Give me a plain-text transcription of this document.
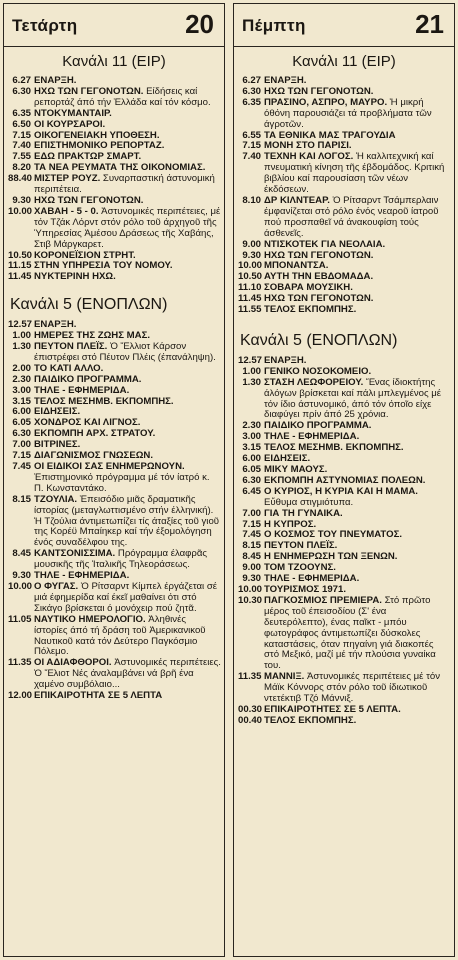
Τετάρτη	20
Κανάλι 11 (ΕΙΡ)
6.27 ΕΝΑΡΞΗ.
6.30 ΗΧΩ ΤΩΝ ΓΕΓΟΝΟΤΩΝ. Είδήσεις καί ρεπορτάζ άπό τήν Ἑλλάδα καί τόν κόσμο.
6.35 ΝΤΟΚΥΜΑΝΤΑΙΡ.
6.50 ΟΙ ΚΟΥΡΣΑΡΟΙ.
7.15 ΟΙΚΟΓΕΝΕΙΑΚΗ ΥΠΟΘΕΣΗ.
7.40 ΕΠΙΣΤΗΜΟΝΙΚΟ ΡΕΠΟΡΤΑΖ.
7.55 ΕΔΩ ΠΡΑΚΤΩΡ ΣΜΑΡΤ.
8.20 ΤΑ ΝΕΑ ΡΕΥΜΑΤΑ ΤΗΣ ΟΙΚΟΝΟΜΙΑΣ.
88.40 ΜΙΣΤΕΡ ΡΟΥΖ. Συναρπαστική άστυνομική περιπέτεια.
9.30 ΗΧΩ ΤΩΝ ΓΕΓΟΝΟΤΩΝ.
10.00 ΧΑΒΑΗ - 5 - 0. Ἀστυνομικές περιπέτειες, μέ τόν Τζάκ Λόρντ στόν ρόλο τοῦ άρχηγοῦ τῆς Ὑπηρεσίας Ἀμέσου Δράσεως τῆς Χαβάης, Στιβ Μάργκαρετ.
10.50 ΚΟΡΟΝΕΪΣΙΟΝ ΣΤΡΗΤ.
11.15 ΣΤΗΝ ΥΠΗΡΕΣΙΑ ΤΟΥ ΝΟΜΟΥ.
11.45 ΝΥΚΤΕΡΙΝΗ ΗΧΩ.
Κανάλι 5 (ΕΝΟΠΛΩΝ)
12.57 ΕΝΑΡΞΗ.
1.00 ΗΜΕΡΕΣ ΤΗΣ ΖΩΗΣ ΜΑΣ.
1.30 ΠΕΥΤΟΝ ΠΛΕΪΣ. Ὁ Ἔλλιοτ Κάρσον έπιστρέφει στό Πέυτον Πλέις (έπανάληψη).
2.00 ΤΟ ΚΑΤΙ ΑΛΛΟ.
2.30 ΠΑΙΔΙΚΟ ΠΡΟΓΡΑΜΜΑ.
3.00 ΤΗΛΕ - ΕΦΗΜΕΡΙΔΑ.
3.15 ΤΕΛΟΣ ΜΕΣΗΜΒ. ΕΚΠΟΜΠΗΣ.
6.00 ΕΙΔΗΣΕΙΣ.
6.05 ΧΟΝΔΡΟΣ ΚΑΙ ΛΙΓΝΟΣ.
6.30 ΕΚΠΟΜΠΗ ΑΡΧ. ΣΤΡΑΤΟΥ.
7.00 ΒΙΤΡΙΝΕΣ.
7.15 ΔΙΑΓΩΝΙΣΜΟΣ ΓΝΩΣΕΩΝ.
7.45 ΟΙ ΕΙΔΙΚΟΙ ΣΑΣ ΕΝΗΜΕΡΩΝΟΥΝ. Ἐπιστημονικό πρόγραμμα μέ τόν ίατρό κ. Π. Κωνσταντάκο.
8.15 ΤΖΟΥΛΙΑ. Ἐπεισόδιο μιᾶς δραματικῆς ίστορίας (μεταγλωττισμένο στήν έλληνική). Ἡ Τζούλια άντιμετωπίζει τίς άταξίες τοῦ γιοῦ της Κορέϋ Μπαίηκερ καί τήν έξομολόγηση ένός συναδέλφου της.
8.45 ΚΑΝΤΣΟΝΙΣΣΙΜΑ. Πρόγραμμα έλαφρᾶς μουσικῆς τῆς Ἰταλικῆς Τηλεοράσεως.
9.30 ΤΗΛΕ - ΕΦΗΜΕΡΙΔΑ.
10.00 Ο ΦΥΓΑΣ. Ὁ Ρίτσαρντ Κίμπελ έργάζεται σέ μιά έφημερίδα καί έκεῖ μαθαίνει ότι στό Σικάγο βρίσκεται ό μονόχειρ πού ζητᾶ.
11.05 ΝΑΥΤΙΚΟ ΗΜΕΡΟΛΟΓΙΟ. Ἀληθινές ίστορίες άπό τή δράση τοῦ Ἀμερικανικοῦ Ναυτικοῦ κατά τόν Δεύτερο Παγκόσμιο Πόλεμο.
11.35 ΟΙ ΑΔΙΑΦΘΟΡΟΙ. Ἀστυνομικές περιπέτειες. Ὁ Ἔλιοτ Νές άναλαμβάνει νά βρῆ ένα χαμένο συμβόλαιο...
12.00 ΕΠΙΚΑΙΡΟΤΗΤΑ ΣΕ 5 ΛΕΠΤΑ
Πέμπτη	21
Κανάλι 11 (ΕΙΡ)
6.27 ΕΝΑΡΞΗ.
6.30 ΗΧΩ ΤΩΝ ΓΕΓΟΝΟΤΩΝ.
6.35 ΠΡΑΣΙΝΟ, ΑΣΠΡΟ, ΜΑΥΡΟ. Ἡ μικρή όθόνη παρουσιάζει τά προβλήματα τῶν άγροτῶν.
6.55 ΤΑ ΕΘΝΙΚΑ ΜΑΣ ΤΡΑΓΟΥΔΙΑ
7.15 ΜΟΝΗ ΣΤΟ ΠΑΡΙΣΙ.
7.40 ΤΕΧΝΗ ΚΑΙ ΛΟΓΟΣ. Ἡ καλλιτεχνική καί πνευματική κίνηση τῆς έβδομάδος. Κριτική βιβλίου καί παρουσίαση τῶν νέων έκδόσεων.
8.10 ΔΡ ΚΙΛΝΤΕΑΡ. Ὁ Ρίτσαρντ Τσάμπερλαιν έμφανίζεται στό ρόλο ένός νεαροῦ ίατροῦ πού προσπαθεῖ νά άνακουφίση τούς άσθενεῖς.
9.00 ΝΤΙΣΚΟΤΕΚ ΓΙΑ ΝΕΟΛΑΙΑ.
9.30 ΗΧΩ ΤΩΝ ΓΕΓΟΝΟΤΩΝ.
10.00 ΜΠΟΝΑΝΤΣΑ.
10.50 ΑΥΤΗ ΤΗΝ ΕΒΔΟΜΑΔΑ.
11.10 ΣΟΒΑΡΑ ΜΟΥΣΙΚΗ.
11.45 ΗΧΩ ΤΩΝ ΓΕΓΟΝΟΤΩΝ.
11.55 ΤΕΛΟΣ ΕΚΠΟΜΠΗΣ.
Κανάλι 5 (ΕΝΟΠΛΩΝ)
12.57 ΕΝΑΡΞΗ.
1.00 ΓΕΝΙΚΟ ΝΟΣΟΚΟΜΕΙΟ.
1.30 ΣΤΑΣΗ ΛΕΩΦΟΡΕΙΟΥ. Ἕνας ίδιοκτήτης άλόγων βρίσκεται καί πάλι μπλεγμένος μέ τόν ίδιο άστυνομικό, άπό τόν όποῖο είχε διαφύγει πρίν άπό 25 χρόνια.
2.30 ΠΑΙΔΙΚΟ ΠΡΟΓΡΑΜΜΑ.
3.00 ΤΗΛΕ - ΕΦΗΜΕΡΙΔΑ.
3.15 ΤΕΛΟΣ ΜΕΣΗΜΒ. ΕΚΠΟΜΠΗΣ.
6.00 ΕΙΔΗΣΕΙΣ.
6.05 ΜΙΚΥ ΜΑΟΥΣ.
6.30 ΕΚΠΟΜΠΗ ΑΣΤΥΝΟΜΙΑΣ ΠΟΛΕΩΝ.
6.45 Ο ΚΥΡΙΟΣ, Η ΚΥΡΙΑ ΚΑΙ Η ΜΑΜΑ. Εὔθυμα στιγμιότυπα.
7.00 ΓΙΑ ΤΗ ΓΥΝΑΙΚΑ.
7.15 Η ΚΥΠΡΟΣ.
7.45 Ο ΚΟΣΜΟΣ ΤΟΥ ΠΝΕΥΜΑΤΟΣ.
8.15 ΠΕΥΤΟΝ ΠΛΕΪΣ.
8.45 Η ΕΝΗΜΕΡΩΣΗ ΤΩΝ ΞΕΝΩΝ.
9.00 ΤΟΜ ΤΖΟΟΥΝΣ.
9.30 ΤΗΛΕ - ΕΦΗΜΕΡΙΔΑ.
10.00 ΤΟΥΡΙΣΜΟΣ 1971.
10.30 ΠΑΓΚΟΣΜΙΟΣ ΠΡΕΜΙΕΡΑ. Στό πρῶτο μέρος τοῦ έπεισοδίου (Σ' ένα δευτερόλεπτο), ένας παῖκτ - μπόυ φωτογράφος άντιμετωπίζει δύσκολες καταστάσεις, όταν πηγαίνη γιά διακοπές στό Μεξικό, μαζί μέ τήν πλούσια γυναίκα του.
11.35 ΜΑΝΝΙΞ. Ἀστυνομικές περιπέτειες μέ τόν Μάϊκ Κόννορς στόν ρόλο τοῦ ίδιωτικοῦ ντετέκτιβ Τζό Μάννιξ.
00.30 ΕΠΙΚΑΙΡΟΤΗΤΕΣ ΣΕ 5 ΛΕΠΤΑ.
00.40 ΤΕΛΟΣ ΕΚΠΟΜΠΗΣ.
